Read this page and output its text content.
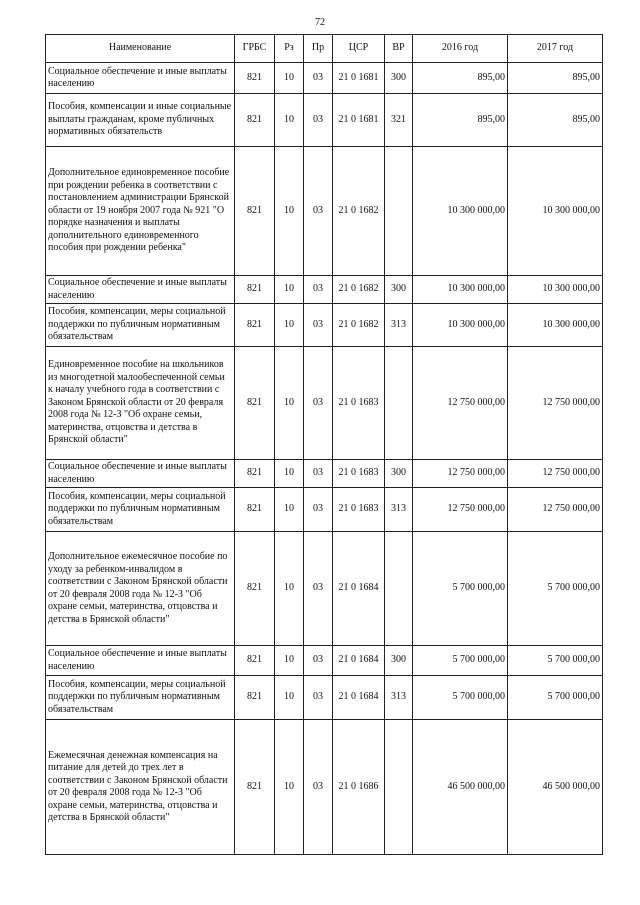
72
Наименование	ГРБС	Рз	Пр	ЦСР	ВР	2016 год	2017 год
Социальное обеспечение и иные выплаты населению	821	10	03	21 0 1681	300	895,00	895,00
Пособия, компенсации и иные социальные выплаты гражданам, кроме публичных нормативных обязательств	821	10	03	21 0 1681	321	895,00	895,00
Дополнительное единовременное пособие при рождении ребенка в соответствии с постановлением администрации Брянской области от 19 ноября 2007 года № 921 "О порядке назначения и выплаты дополнительного единовременного пособия при рождении ребенка"	821	10	03	21 0 1682		10 300 000,00	10 300 000,00
Социальное обеспечение и иные выплаты населению	821	10	03	21 0 1682	300	10 300 000,00	10 300 000,00
Пособия, компенсации, меры социальной поддержки по публичным нормативным обязательствам	821	10	03	21 0 1682	313	10 300 000,00	10 300 000,00
Единовременное пособие на школьников из многодетной малообеспеченной семьи к началу учебного года в соответствии с Законом Брянской области от 20 февраля 2008 года № 12-З "Об охране семьи, материнства, отцовства и детства в Брянской области"	821	10	03	21 0 1683		12 750 000,00	12 750 000,00
Социальное обеспечение и иные выплаты населению	821	10	03	21 0 1683	300	12 750 000,00	12 750 000,00
Пособия, компенсации, меры социальной поддержки по публичным нормативным обязательствам	821	10	03	21 0 1683	313	12 750 000,00	12 750 000,00
Дополнительное ежемесячное пособие по уходу за ребенком-инвалидом в соответствии с Законом Брянской области от 20 февраля 2008 года № 12-З "Об охране семьи, материнства, отцовства и детства в Брянской области"	821	10	03	21 0 1684		5 700 000,00	5 700 000,00
Социальное обеспечение и иные выплаты населению	821	10	03	21 0 1684	300	5 700 000,00	5 700 000,00
Пособия, компенсации, меры социальной поддержки по публичным нормативным обязательствам	821	10	03	21 0 1684	313	5 700 000,00	5 700 000,00
Ежемесячная денежная компенсация на питание для детей до трех лет в соответствии с Законом Брянской области от 20 февраля 2008 года № 12-З "Об охране семьи, материнства, отцовства и детства в Брянской области"	821	10	03	21 0 1686		46 500 000,00	46 500 000,00
